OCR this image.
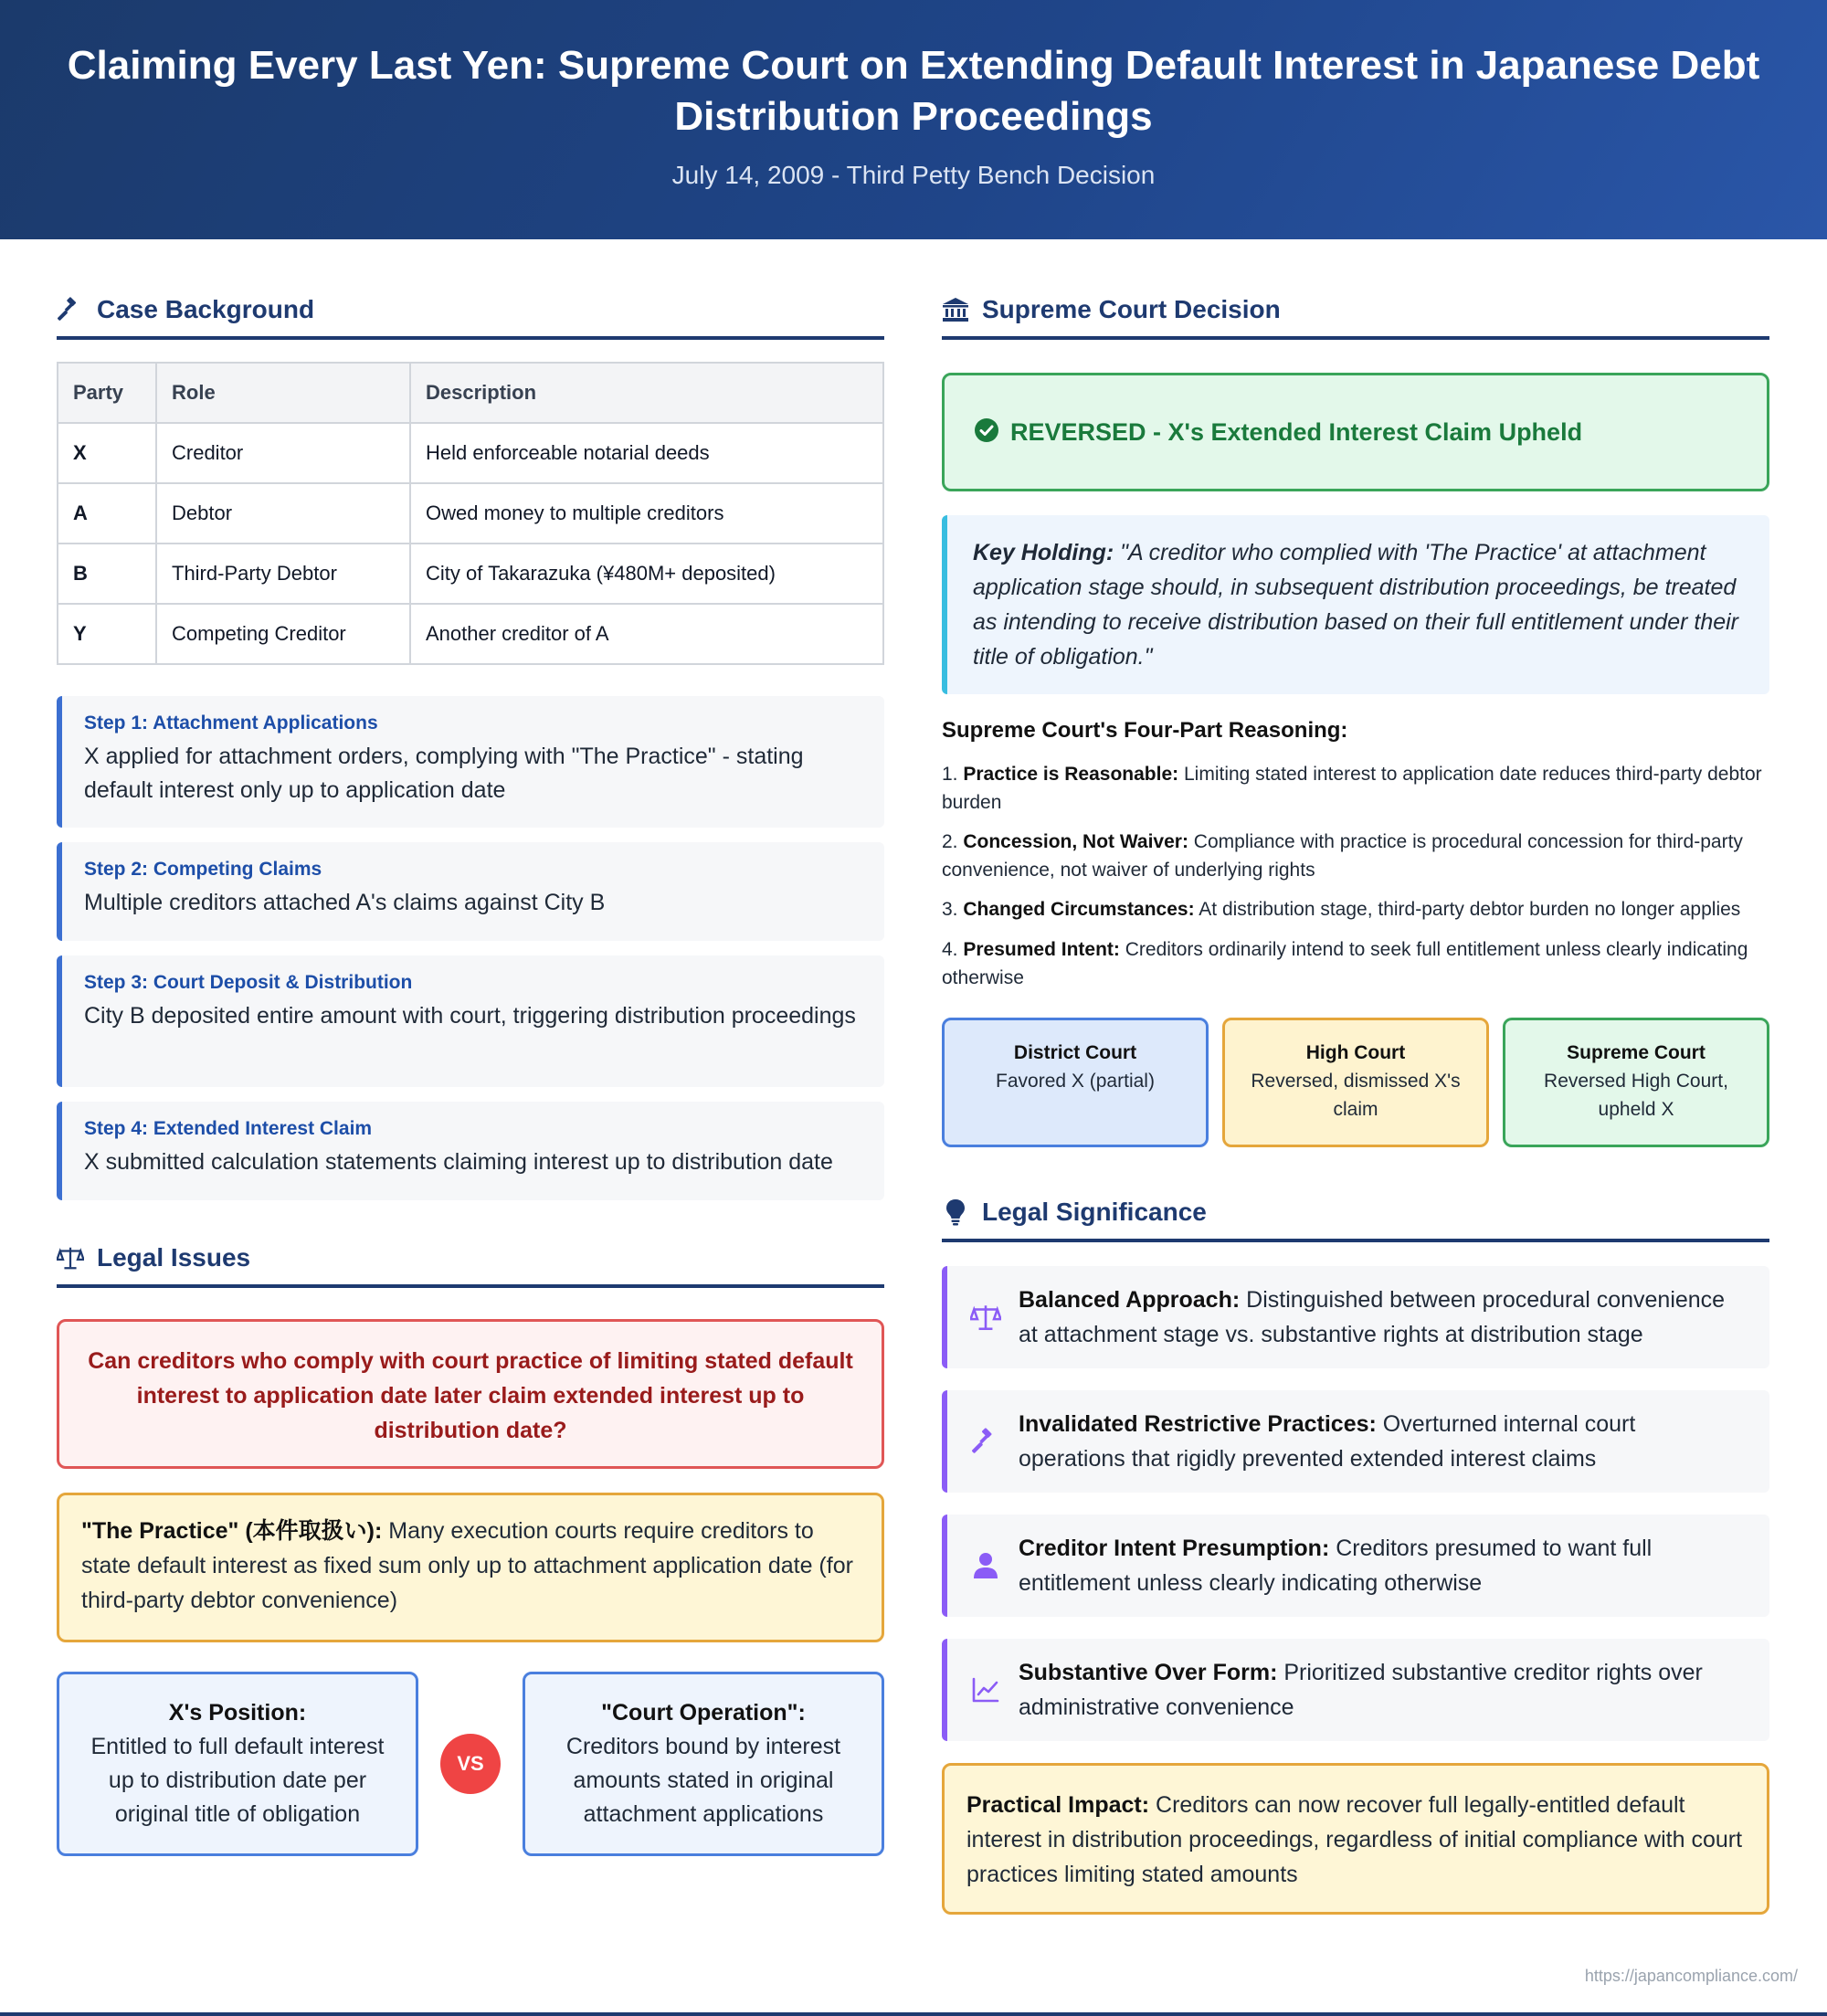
Claiming Every Last Yen: Supreme Court on Extending Default Interest in Japanese Debt Distribution Proceedings
July 14, 2009 - Third Petty Bench Decision
Case Background
Party	Role	Description
X	Creditor	Held enforceable notarial deeds
A	Debtor	Owed money to multiple creditors
B	Third-Party Debtor	City of Takarazuka (¥480M+ deposited)
Y	Competing Creditor	Another creditor of A
Step 1: Attachment Applications
X applied for attachment orders, complying with "The Practice" - stating default interest only up to application date
Step 2: Competing Claims
Multiple creditors attached A's claims against City B
Step 3: Court Deposit & Distribution
City B deposited entire amount with court, triggering distribution proceedings
Step 4: Extended Interest Claim
X submitted calculation statements claiming interest up to distribution date
Legal Issues
Can creditors who comply with court practice of limiting stated default interest to application date later claim extended interest up to distribution date?
"The Practice" (本件取扱い): Many execution courts require creditors to state default interest as fixed sum only up to attachment application date (for third-party debtor convenience)
X's Position:
Entitled to full default interest up to distribution date per original title of obligation
VS
"Court Operation":
Creditors bound by interest amounts stated in original attachment applications
Supreme Court Decision
REVERSED - X's Extended Interest Claim Upheld
Key Holding: "A creditor who complied with 'The Practice' at attachment application stage should, in subsequent distribution proceedings, be treated as intending to receive distribution based on their full entitlement under their title of obligation."
Supreme Court's Four-Part Reasoning:
1. Practice is Reasonable: Limiting stated interest to application date reduces third-party debtor burden
2. Concession, Not Waiver: Compliance with practice is procedural concession for third-party convenience, not waiver of underlying rights
3. Changed Circumstances: At distribution stage, third-party debtor burden no longer applies
4. Presumed Intent: Creditors ordinarily intend to seek full entitlement unless clearly indicating otherwise
District Court
Favored X (partial)
High Court
Reversed, dismissed X's claim
Supreme Court
Reversed High Court, upheld X
Legal Significance
Balanced Approach: Distinguished between procedural convenience at attachment stage vs. substantive rights at distribution stage
Invalidated Restrictive Practices: Overturned internal court operations that rigidly prevented extended interest claims
Creditor Intent Presumption: Creditors presumed to want full entitlement unless clearly indicating otherwise
Substantive Over Form: Prioritized substantive creditor rights over administrative convenience
Practical Impact: Creditors can now recover full legally-entitled default interest in distribution proceedings, regardless of initial compliance with court practices limiting stated amounts
https://japancompliance.com/
